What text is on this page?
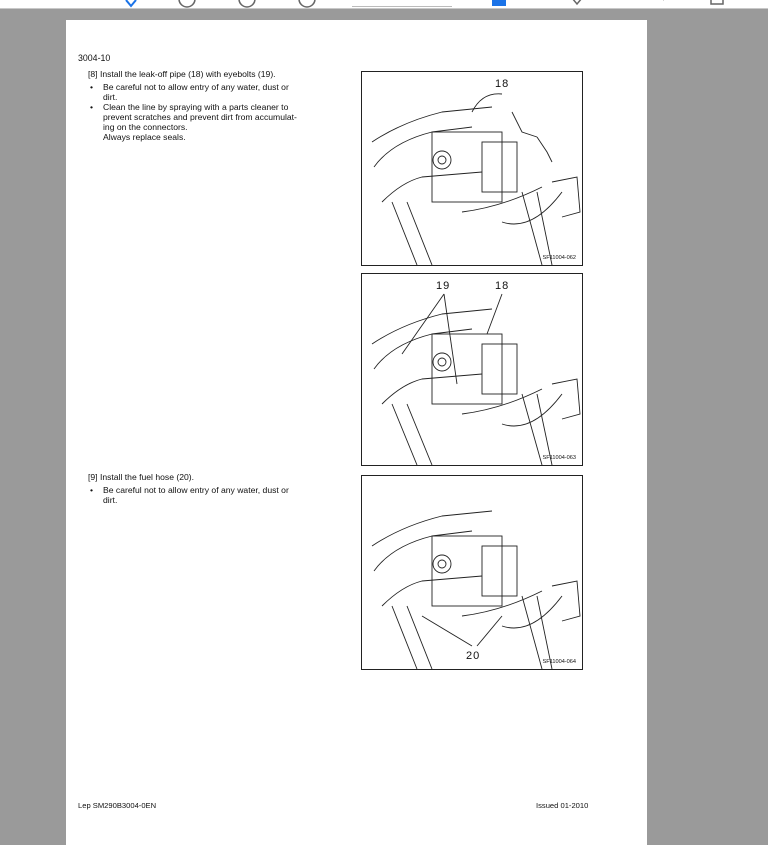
3004-10
[8] Install the leak-off pipe (18) with eyebolts (19).
• Be careful not to allow entry of any water, dust or
dirt.
• Clean the line by spraying with a parts cleaner to
prevent scratches and prevent dirt from accumulat-
ing on the connectors.
Always replace seals.
[9] Install the fuel hose (20).
• Be careful not to allow entry of any water, dust or
dirt.
18
SF11004-062
19	18
SF11004-063
20	SF11004-064
Lep SM290B3004-0EN	Issued 01-2010
